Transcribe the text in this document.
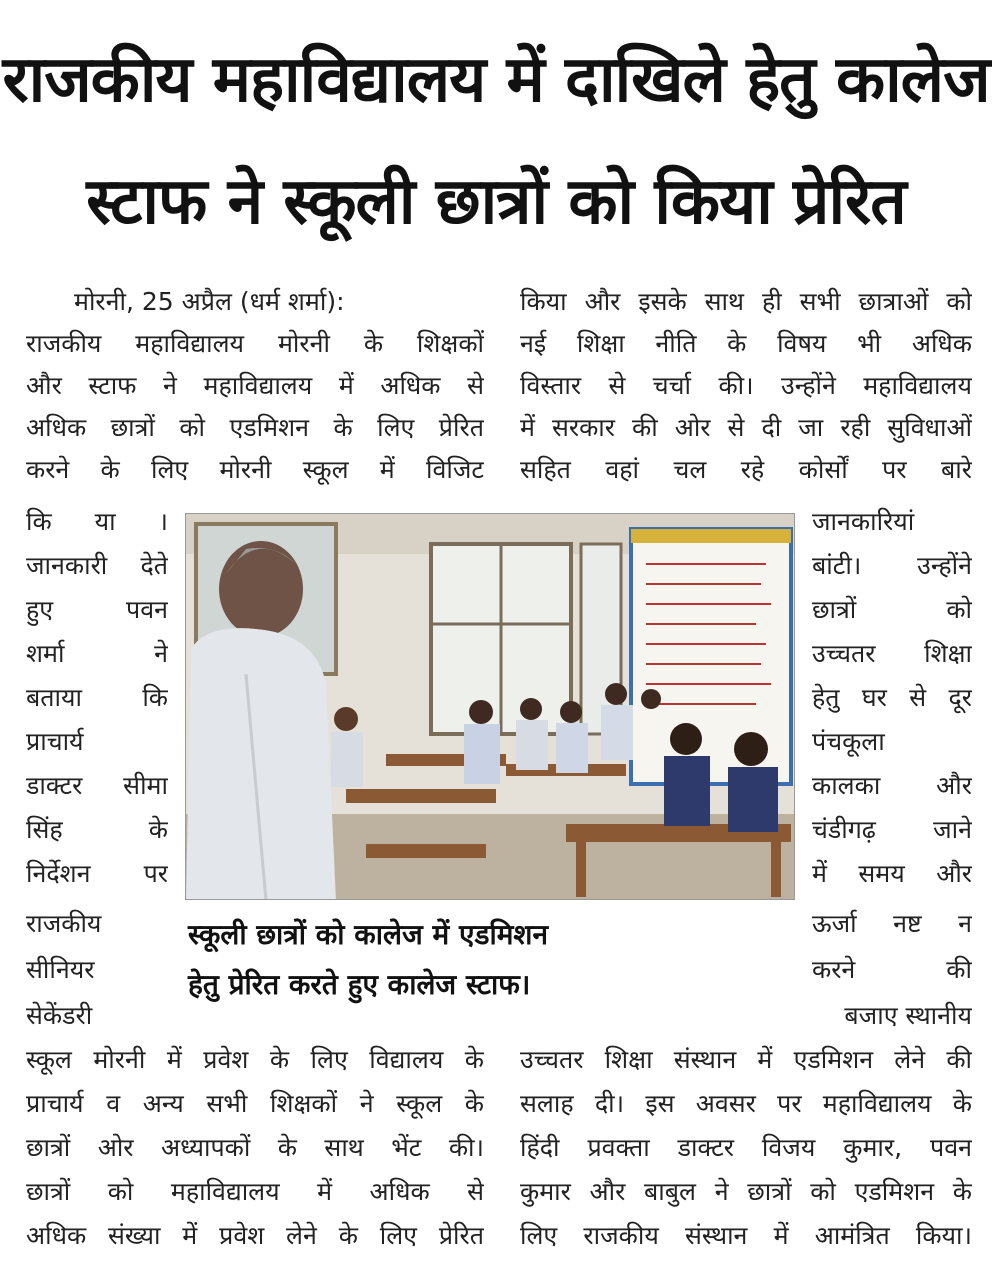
राजकीय महाविद्यालय में दाखिले हेतु कालेज
स्टाफ ने स्कूली छात्रों को किया प्रेरित
मोरनी, 25 अप्रैल (धर्म शर्मा):
राजकीय महाविद्यालय मोरनी के शिक्षकों
और स्टाफ ने महाविद्यालय में अधिक से
अधिक छात्रों को एडमिशन के लिए प्रेरित
करने के लिए मोरनी स्कूल में विजिट
किया और इसके साथ ही सभी छात्राओं को
नई शिक्षा नीति के विषय भी अधिक
विस्तार से चर्चा की। उन्होंने महाविद्यालय
में सरकार की ओर से दी जा रही सुविधाओं
सहित वहां चल रहे कोर्सों पर बारे
कि या ।
जानकारी देते
हुए पवन
शर्मा ने
बताया कि
प्राचार्य
डाक्टर सीमा
सिंह के
निर्देशन पर
राजकीय
सीनियर
सेकेंडरी
जानकारियां
बांटी। उन्होंने
छात्रों को
उच्चतर शिक्षा
हेतु घर से दूर
पंचकूला
कालका और
चंडीगढ़ जाने
में समय और
ऊर्जा नष्ट न
करने की
बजाए स्थानीय
स्कूली छात्रों को कालेज में एडमिशन
हेतु प्रेरित करते हुए कालेज स्टाफ।
स्कूल मोरनी में प्रवेश के लिए विद्यालय के
प्राचार्य व अन्य सभी शिक्षकों ने स्कूल के
छात्रों ओर अध्यापकों के साथ भेंट की।
छात्रों को महाविद्यालय में अधिक से
अधिक संख्या में प्रवेश लेने के लिए प्रेरित
उच्चतर शिक्षा संस्थान में एडमिशन लेने की
सलाह दी। इस अवसर पर महाविद्यालय के
हिंदी प्रवक्ता डाक्टर विजय कुमार, पवन
कुमार और बाबुल ने छात्रों को एडमिशन के
लिए राजकीय संस्थान में आमंत्रित किया।
